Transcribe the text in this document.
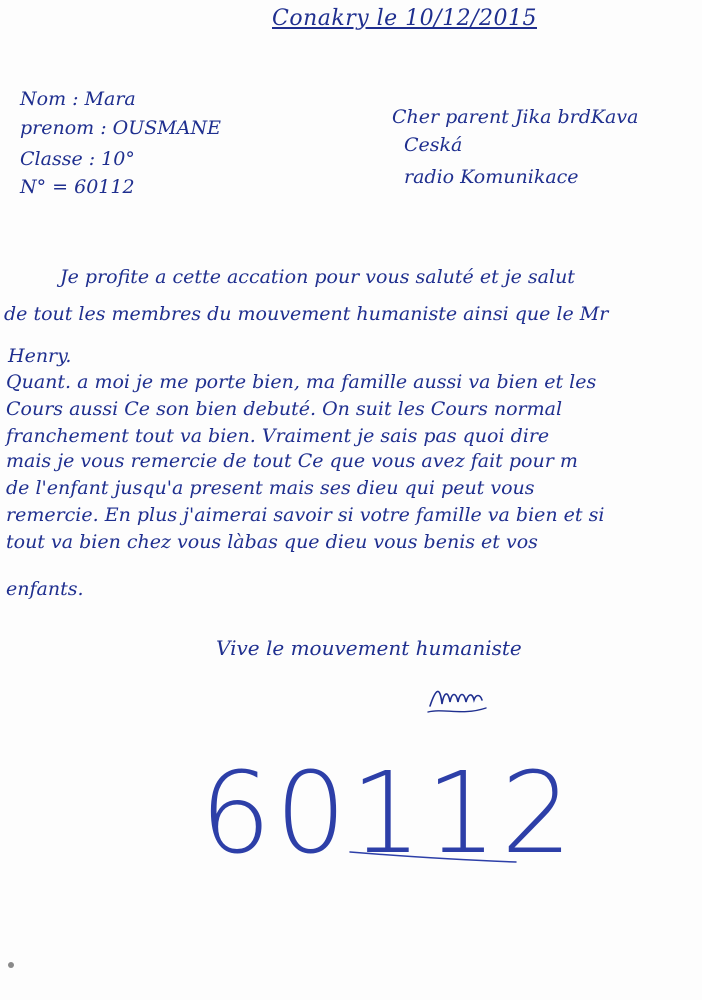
Conakry le 10/12/2015
Nom : Mara
prenom : OUSMANE
Classe : 10°
N° = 60112
Cher parent Jika brdKava
Ceská
radio Komunikace
Je profite a cette accation pour vous saluté et je salut
de tout les membres du mouvement humaniste ainsi que le Mr
Henry.
Quant. a moi je me porte bien, ma famille aussi va bien et les
Cours aussi Ce son bien debuté. On suit les Cours normal
franchement tout va bien. Vraiment je sais pas quoi dire
mais je vous remercie de tout Ce que vous avez fait pour m
de l'enfant jusqu'a present mais ses dieu qui peut vous
remercie. En plus j'aimerai savoir si votre famille va bien et si
tout va bien chez vous làbas que dieu vous benis et vos
enfants.
Vive le mouvement humaniste
60112
